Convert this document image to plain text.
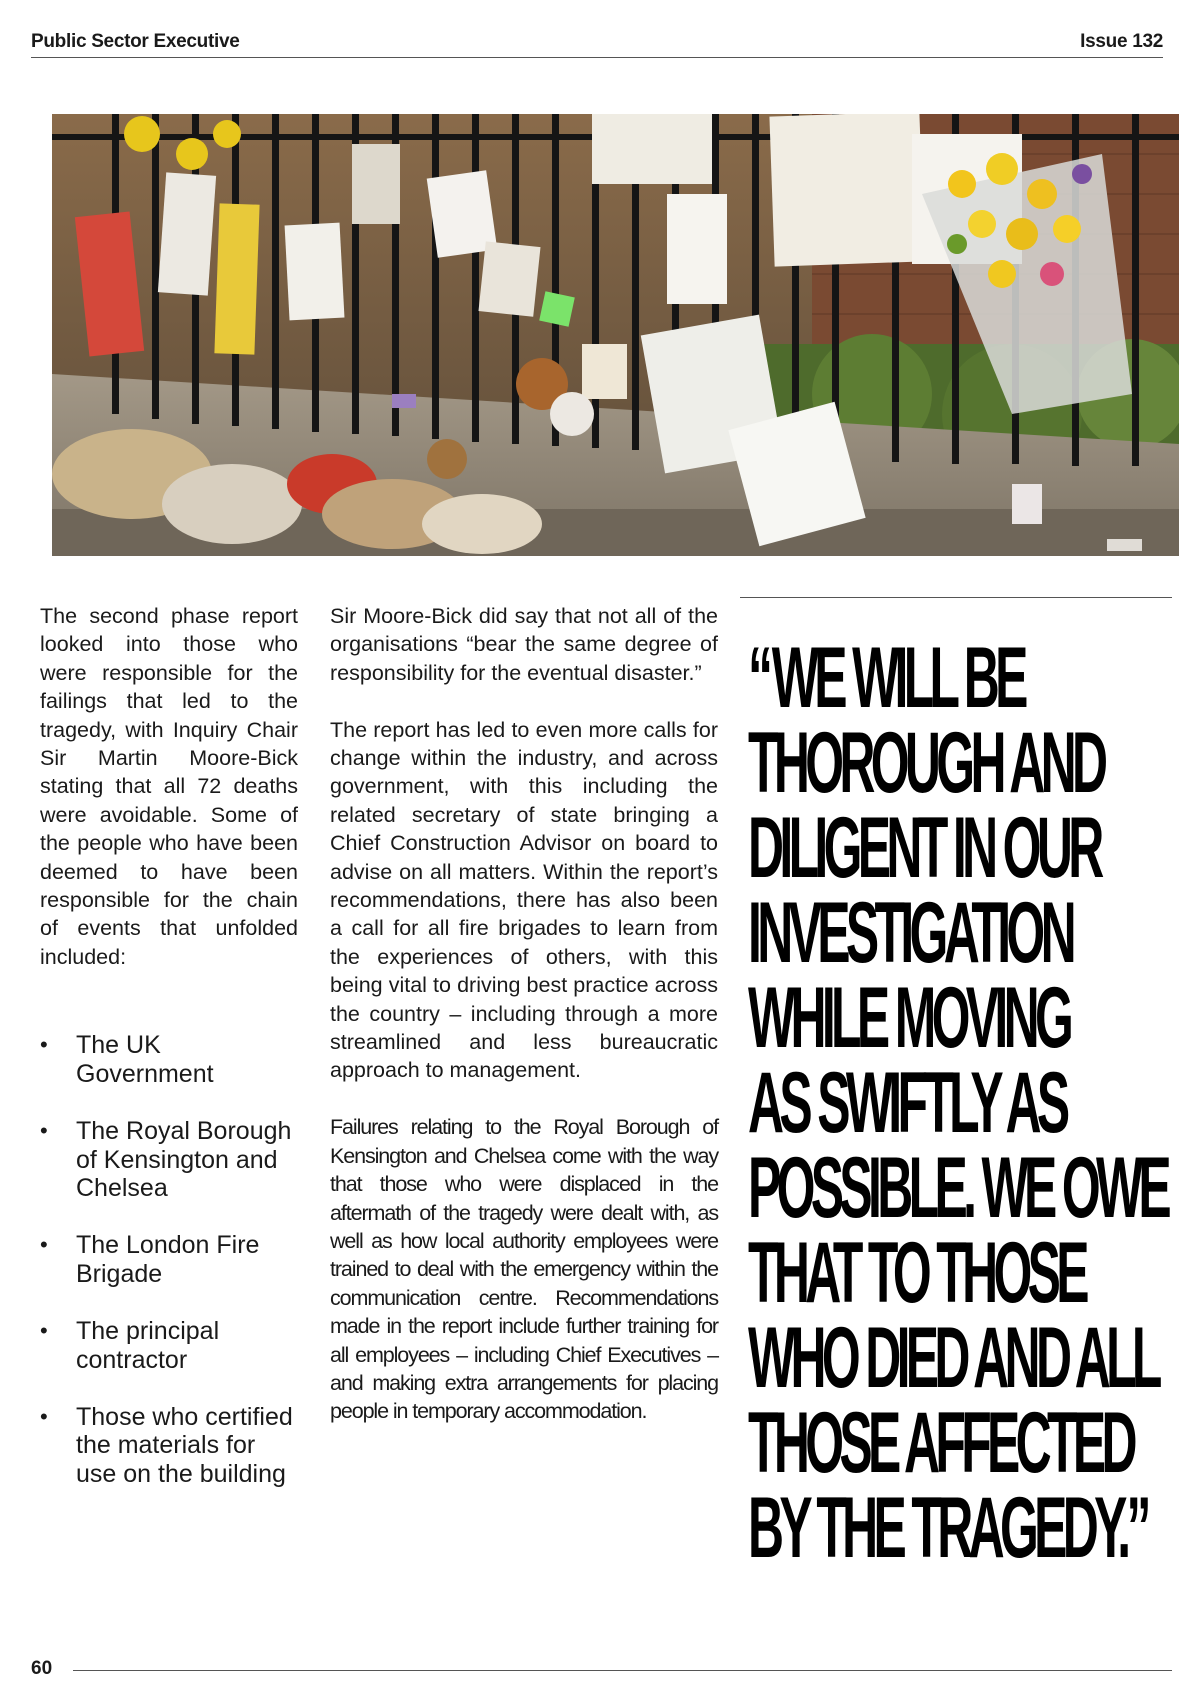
Public Sector Executive	Issue 132

The second phase report looked into those who were responsible for the failings that led to the tragedy, with Inquiry Chair Sir Martin Moore-Bick stating that all 72 deaths were avoidable. Some of the people who have been deemed to have been responsible for the chain of events that unfolded included:

• The UK Government
• The Royal Borough of Kensington and Chelsea
• The London Fire Brigade
• The principal contractor
• Those who certified the materials for use on the building

Sir Moore-Bick did say that not all of the organisations “bear the same degree of responsibility for the eventual disaster.”

The report has led to even more calls for change within the industry, and across government, with this including the related secretary of state bringing a Chief Construction Advisor on board to advise on all matters. Within the report’s recommendations, there has also been a call for all fire brigades to learn from the experiences of others, with this being vital to driving best practice across the country – including through a more streamlined and less bureaucratic approach to management.

Failures relating to the Royal Borough of Kensington and Chelsea come with the way that those who were displaced in the aftermath of the tragedy were dealt with, as well as how local authority employees were trained to deal with the emergency within the communication centre. Recommendations made in the report include further training for all employees – including Chief Executives – and making extra arrangements for placing people in temporary accommodation.

“WE WILL BE
THOROUGH AND
DILIGENT IN OUR
INVESTIGATION
WHILE MOVING
AS SWIFTLY AS
POSSIBLE. WE OWE
THAT TO THOSE
WHO DIED AND ALL
THOSE AFFECTED
BY THE TRAGEDY.”
60
